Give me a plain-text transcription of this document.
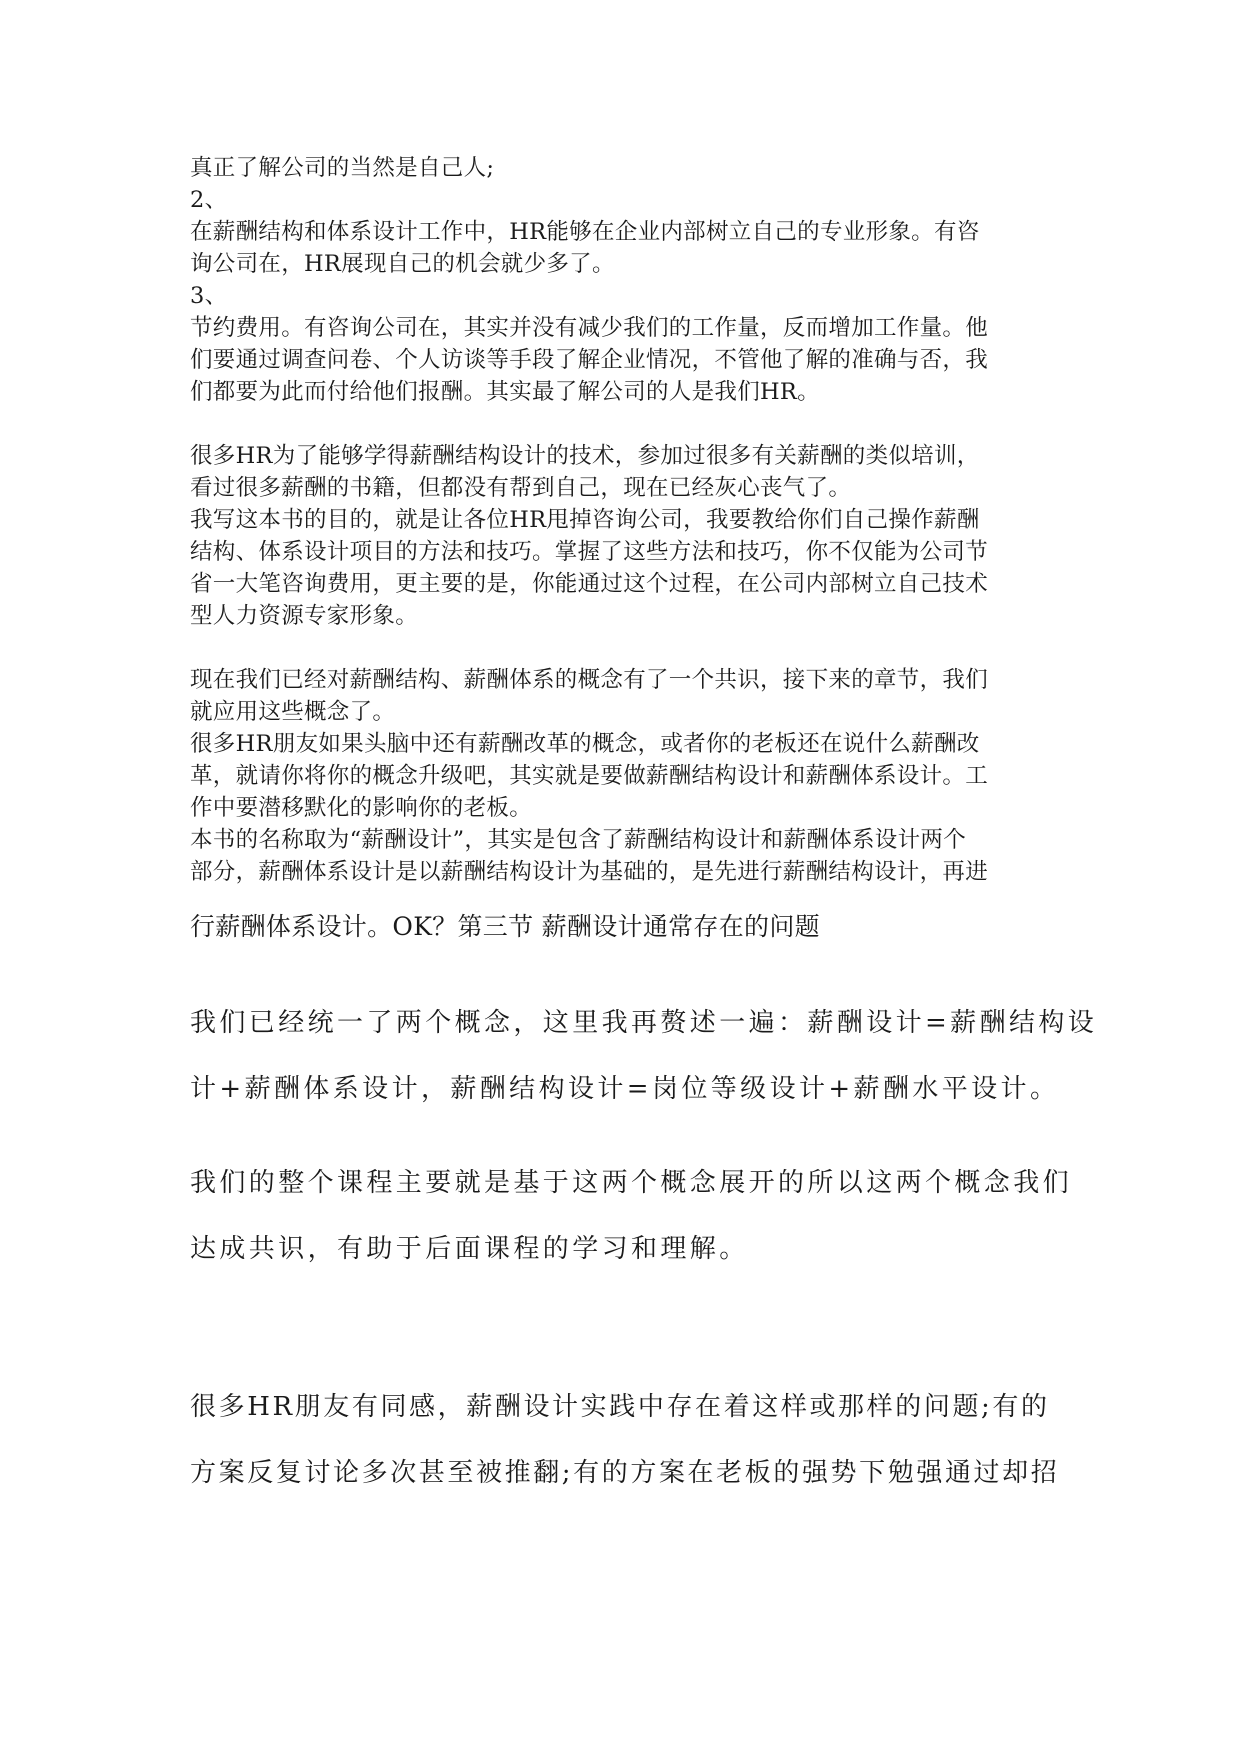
真正了解公司的当然是自己人;
2、
在薪酬结构和体系设计工作中，HR能够在企业内部树立自己的专业形象。有咨
询公司在，HR展现自己的机会就少多了。
3、
节约费用。有咨询公司在，其实并没有减少我们的工作量，反而增加工作量。他
们要通过调查问卷、个人访谈等手段了解企业情况，不管他了解的准确与否，我
们都要为此而付给他们报酬。其实最了解公司的人是我们HR。
很多HR为了能够学得薪酬结构设计的技术，参加过很多有关薪酬的类似培训，
看过很多薪酬的书籍，但都没有帮到自己，现在已经灰心丧气了。
我写这本书的目的，就是让各位HR甩掉咨询公司，我要教给你们自己操作薪酬
结构、体系设计项目的方法和技巧。掌握了这些方法和技巧，你不仅能为公司节
省一大笔咨询费用，更主要的是，你能通过这个过程，在公司内部树立自己技术
型人力资源专家形象。
现在我们已经对薪酬结构、薪酬体系的概念有了一个共识，接下来的章节，我们
就应用这些概念了。
很多HR朋友如果头脑中还有薪酬改革的概念，或者你的老板还在说什么薪酬改
革，就请你将你的概念升级吧，其实就是要做薪酬结构设计和薪酬体系设计。工
作中要潜移默化的影响你的老板。
本书的名称取为“薪酬设计”，其实是包含了薪酬结构设计和薪酬体系设计两个
部分，薪酬体系设计是以薪酬结构设计为基础的，是先进行薪酬结构设计，再进
行薪酬体系设计。OK？第三节 薪酬设计通常存在的问题
我们已经统一了两个概念，这里我再赘述一遍：薪酬设计=薪酬结构设
计+薪酬体系设计，薪酬结构设计=岗位等级设计+薪酬水平设计。
我们的整个课程主要就是基于这两个概念展开的所以这两个概念我们
达成共识，有助于后面课程的学习和理解。
很多HR朋友有同感，薪酬设计实践中存在着这样或那样的问题;有的
方案反复讨论多次甚至被推翻;有的方案在老板的强势下勉强通过却招
